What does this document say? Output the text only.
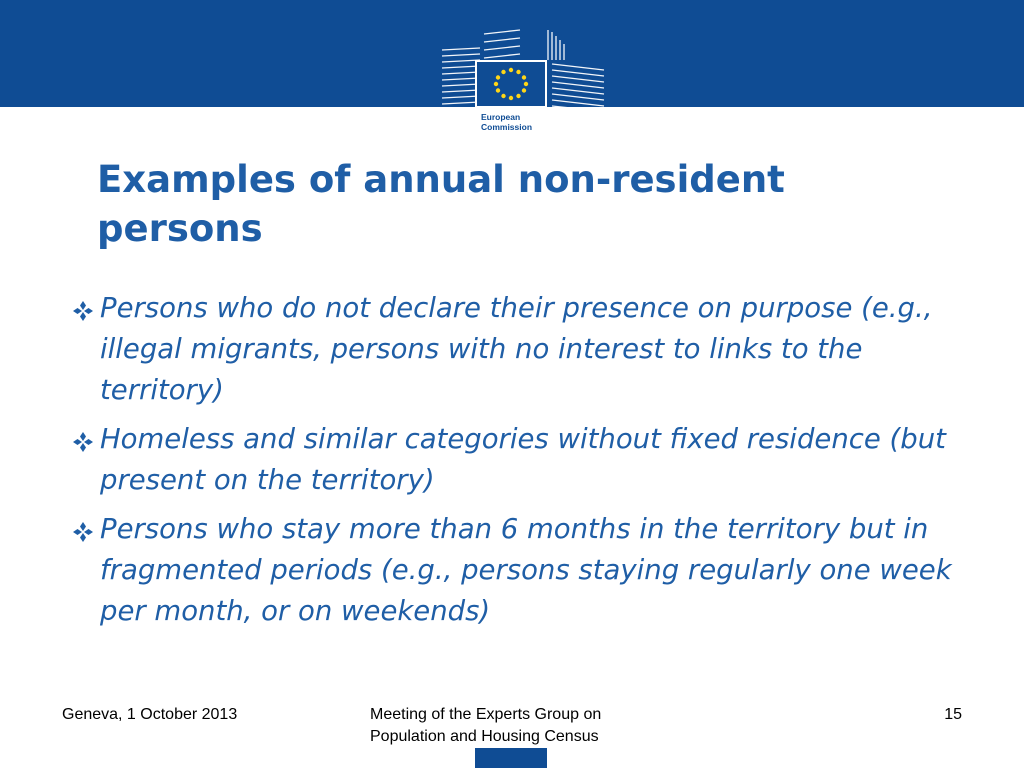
European
Commission
Examples of annual non-resident persons
Persons who do not declare their presence on purpose (e.g., illegal migrants, persons with no interest to links to the territory)
Homeless and similar categories without fixed residence (but present on the territory)
Persons who stay more than 6 months in the territory but in fragmented periods (e.g., persons staying regularly one week per month, or on weekends)
Geneva, 1 October 2013	Meeting of the Experts Group on Population and Housing Census
15
